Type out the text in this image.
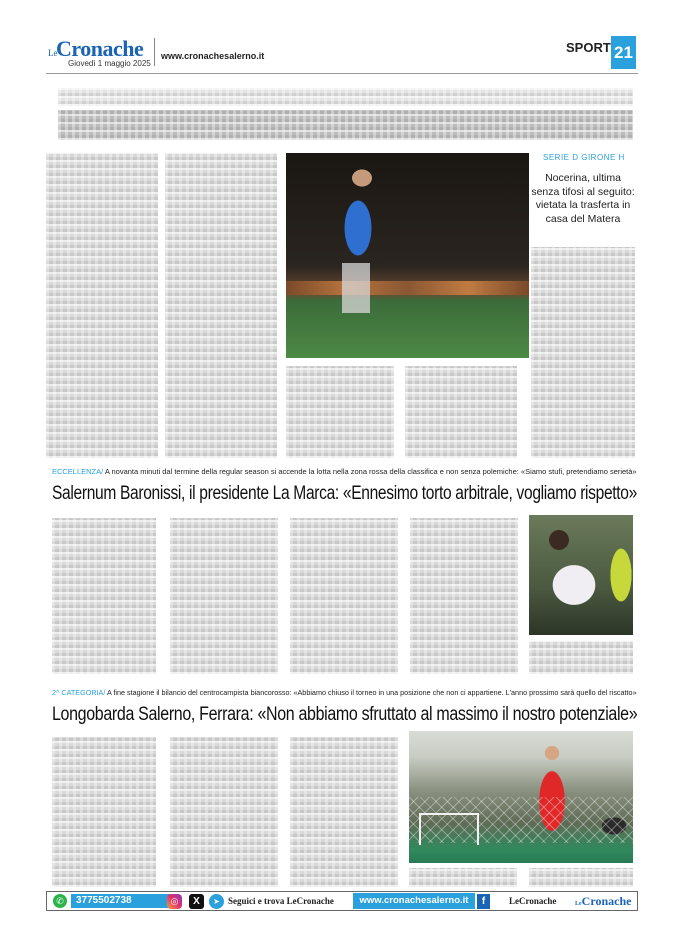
Le
Cronache
Giovedì 1 maggio 2025
www.cronachesalerno.it
SPORT 21
SERIE D GIRONE H
Nocerina, ultima senza tifosi al seguito: vietata la trasferta in casa del Matera
ECCELLENZA/ A novanta minuti dal termine della regular season si accende la lotta nella zona rossa della classifica e non senza polemiche: «Siamo stufi, pretendiamo serietà»
Salernum Baronissi, il presidente La Marca: «Ennesimo torto arbitrale, vogliamo rispetto»
2^ CATEGORIA/ A fine stagione il bilancio del centrocampista biancorosso: «Abbiamo chiuso il torneo in una posizione che non ci appartiene. L'anno prossimo sarà quello del riscatto»
Longobarda Salerno, Ferrara: «Non abbiamo sfruttato al massimo il nostro potenziale»
✆	3775502738	◎	X	➤ Seguici e trova LeCronache	www.cronachesalerno.it	f	LeCronache	LeCronache
